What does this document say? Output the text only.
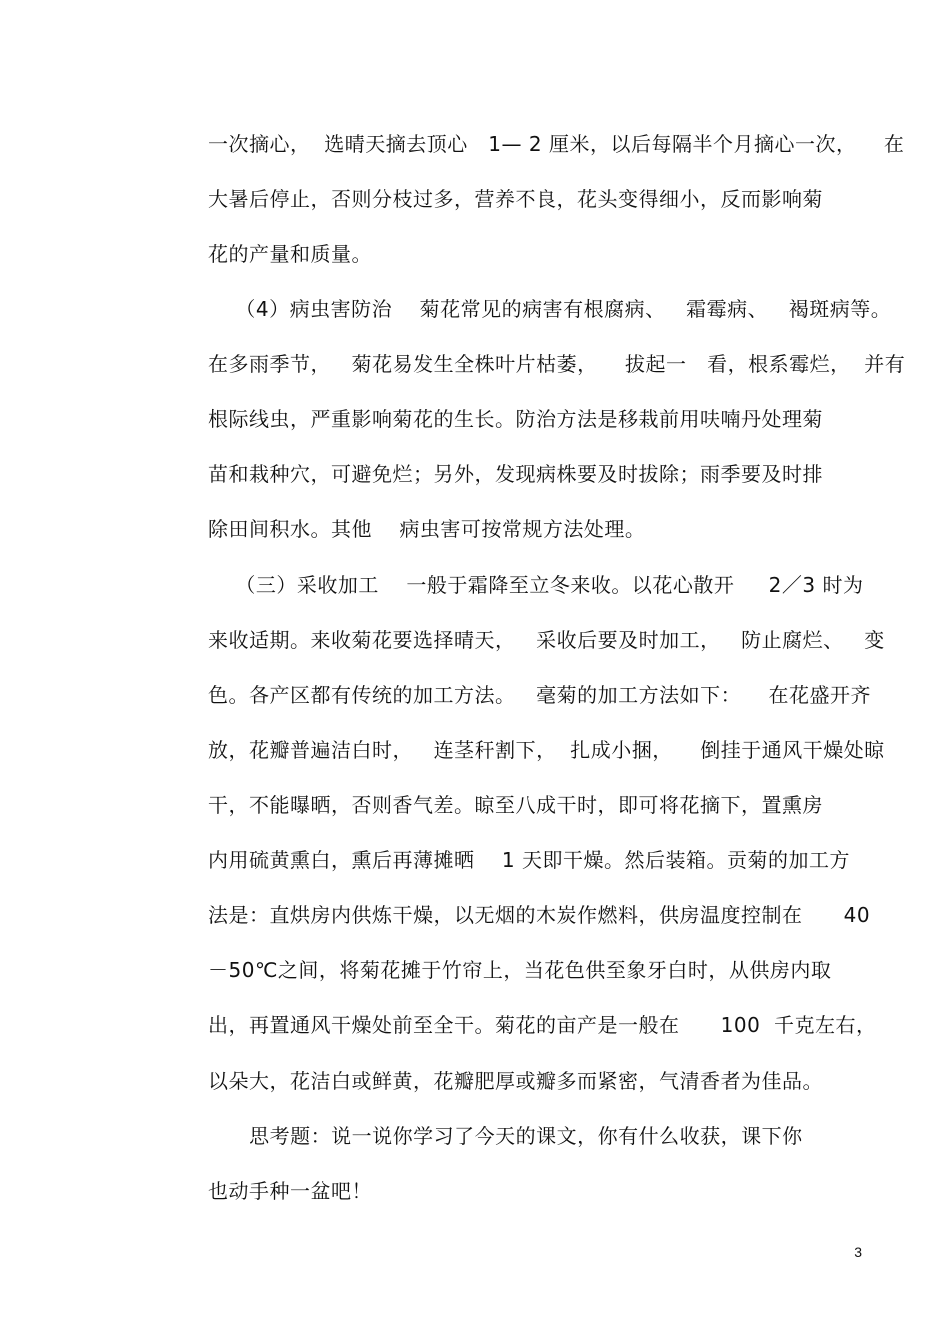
一次摘心，  选晴天摘去顶心   1— 2 厘米，以后每隔半个月摘心一次，    在
大暑后停止，否则分枝过多，营养不良，花头变得细小，反而影响菊
花的产量和质量。
（4）病虫害防治    菊花常见的病害有根腐病、   霜霉病、   褐斑病等。
在多雨季节，   菊花易发生全株叶片枯萎，    拔起一   看，根系霉烂，  并有
根际线虫，严重影响菊花的生长。防治方法是移栽前用呋喃丹处理菊
苗和栽种穴，可避免烂；另外，发现病株要及时拔除；雨季要及时排
除田间积水。其他    病虫害可按常规方法处理。
（三）采收加工    一般于霜降至立冬来收。以花心散开     2／3 时为
来收适期。来收菊花要选择晴天，   采收后要及时加工，   防止腐烂、   变
色。各产区都有传统的加工方法。   毫菊的加工方法如下：    在花盛开齐
放，花瓣普遍洁白时，   连茎秆割下，  扎成小捆，    倒挂于通风干燥处晾
干，不能曝晒，否则香气差。晾至八成干时，即可将花摘下，置熏房
内用硫黄熏白，熏后再薄摊晒    1 天即干燥。然后装箱。贡菊的加工方
法是：直烘房内供炼干燥，以无烟的木炭作燃料，供房温度控制在      40
－50℃之间，将菊花摊于竹帘上，当花色供至象牙白时，从供房内取
出，再置通风干燥处前至全干。菊花的亩产是一般在      100  千克左右，
以朵大，花洁白或鲜黄，花瓣肥厚或瓣多而紧密，气清香者为佳品。
思考题：说一说你学习了今天的课文，你有什么收获，课下你
也动手种一盆吧！
3
